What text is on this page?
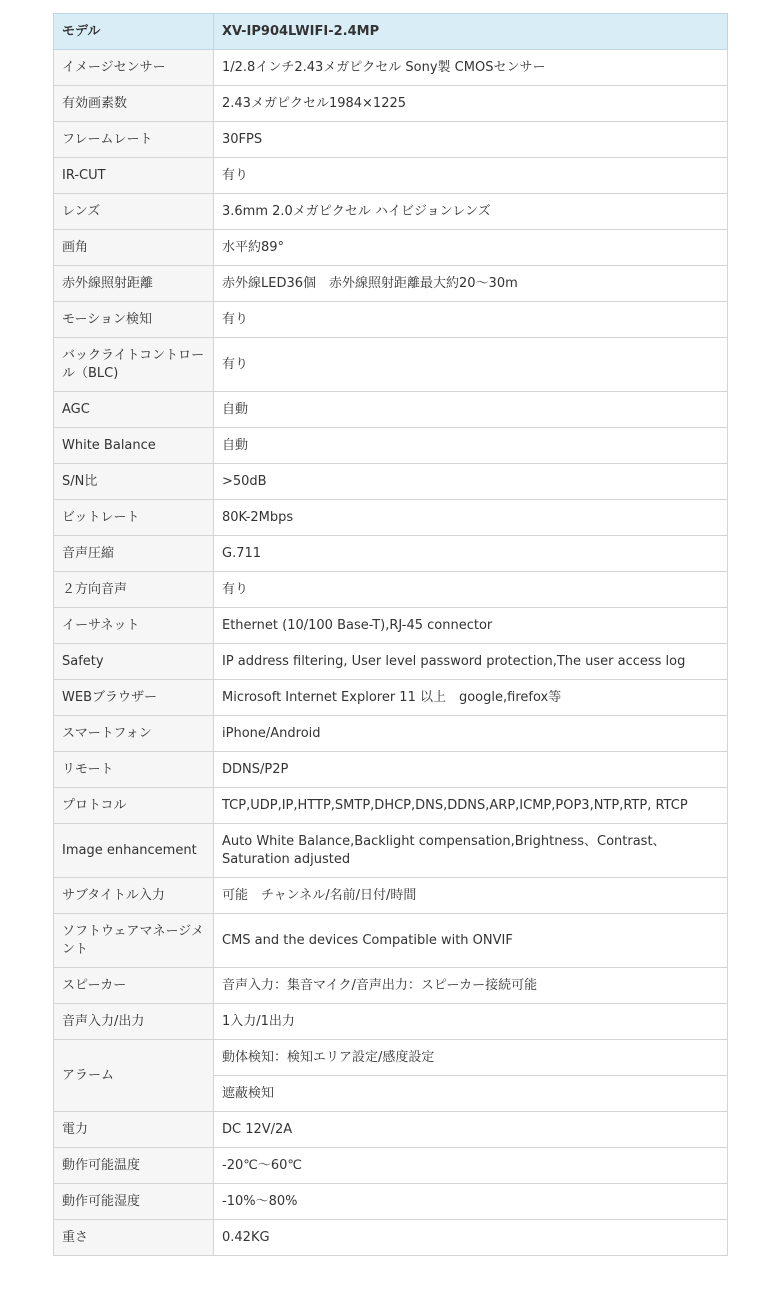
モデル	XV-IP904LWIFI-2.4MP
イメージセンサー	1/2.8インチ2.43メガピクセル Sony製 CMOSセンサー
有効画素数	2.43メガピクセル1984×1225
フレームレート	30FPS
IR-CUT	有り
レンズ	3.6mm 2.0メガピクセル ハイビジョンレンズ
画角	水平約89°
赤外線照射距離	赤外線LED36個　赤外線照射距離最大約20〜30m
モーション検知	有り
バックライトコントロール（BLC)	有り
AGC	自動
White Balance	自動
S/N比	>50dB
ビットレート	80K-2Mbps
音声圧縮	G.711
２方向音声	有り
イーサネット	Ethernet (10/100 Base-T),RJ-45 connector
Safety	IP address filtering, User level password protection,The user access log
WEBブラウザー	Microsoft Internet Explorer 11 以上　google,firefox等
スマートフォン	iPhone/Android
リモート	DDNS/P2P
プロトコル	TCP,UDP,IP,HTTP,SMTP,DHCP,DNS,DDNS,ARP,ICMP,POP3,NTP,RTP, RTCP
Image enhancement	Auto White Balance,Backlight compensation,Brightness、Contrast、Saturation adjusted
サブタイトル入力	可能　チャンネル/名前/日付/時間
ソフトウェアマネージメント	CMS and the devices Compatible with ONVIF
スピーカー	音声入力：集音マイク/音声出力：スピーカー接続可能
音声入力/出力	1入力/1出力
アラーム	動体検知：検知エリア設定/感度設定
	遮蔽検知
電力	DC 12V/2A
動作可能温度	-20℃〜60℃
動作可能湿度	-10%〜80%
重さ	0.42KG
